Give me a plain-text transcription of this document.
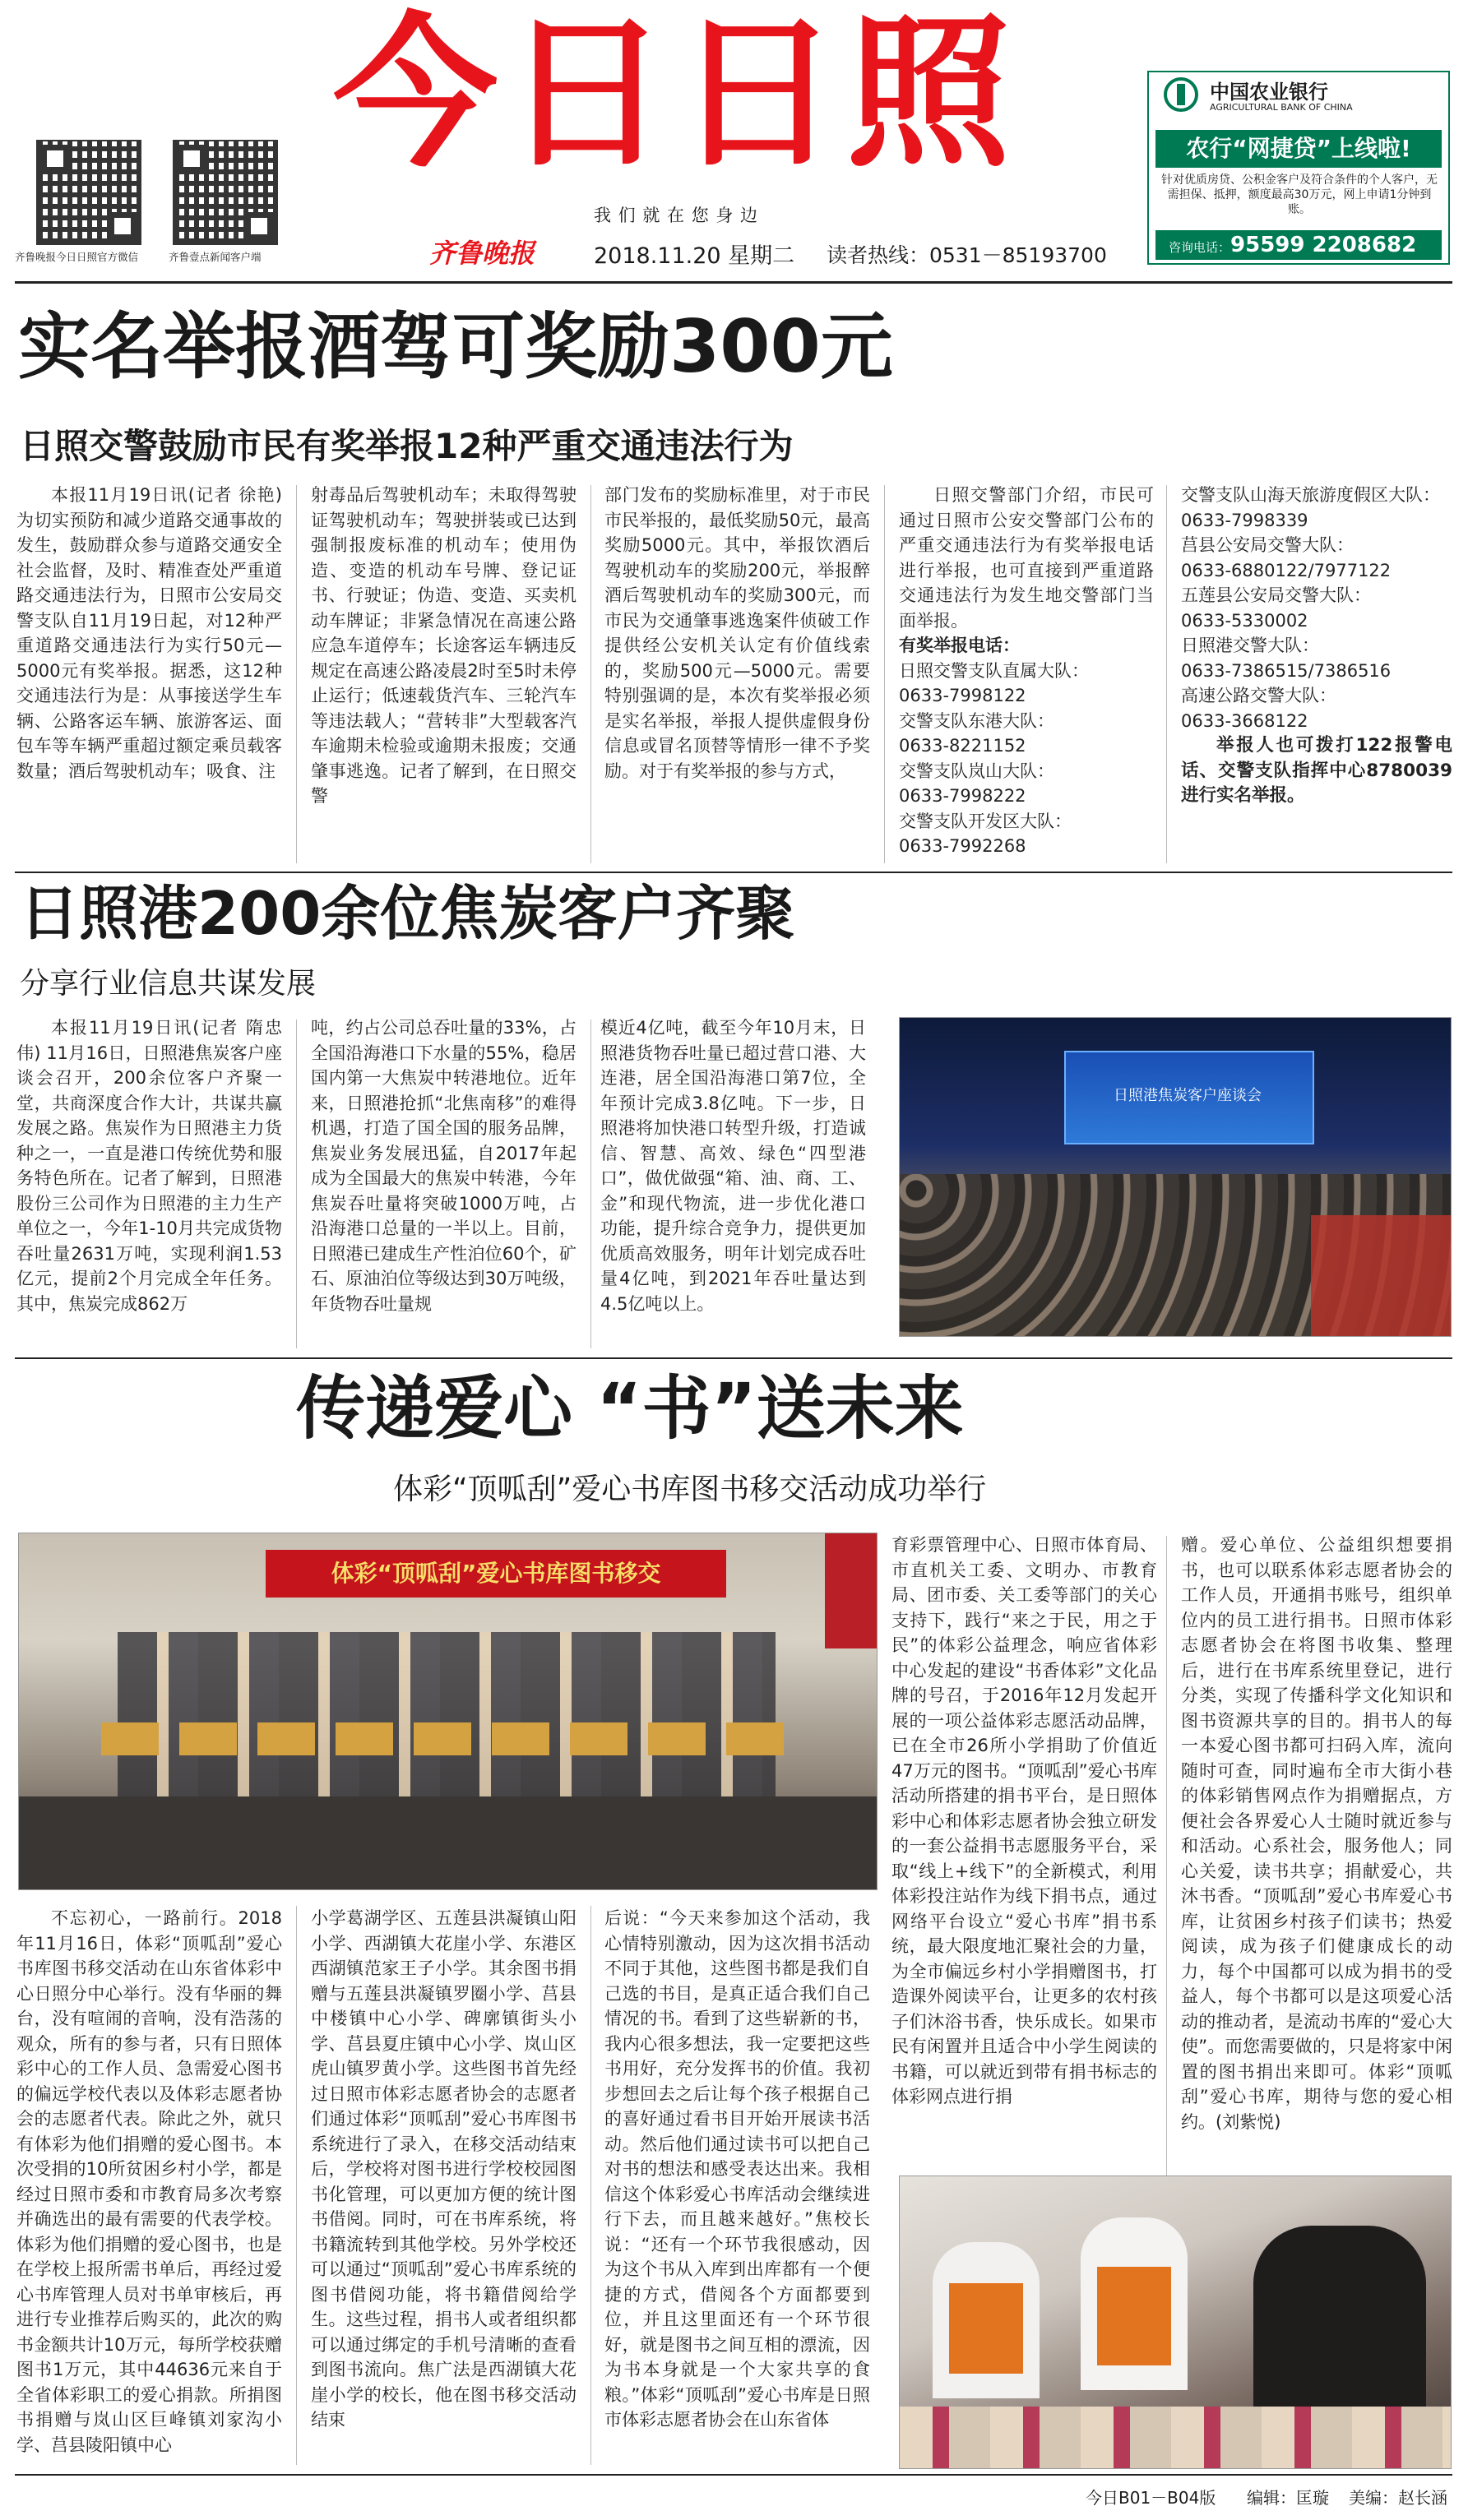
齐鲁晚报今日日照官方微信	齐鲁壹点新闻客户端
今日日照
我 们 就 在 您 身 边
齐鲁晚报	2018.11.20 星期二 读者热线：0531－85193700
中国农业银行
AGRICULTURAL BANK OF CHINA
农行“网捷贷”上线啦!
针对优质房贷、公积金客户及符合条件的个人客户，无需担保、抵押，额度最高30万元，网上申请1分钟到账。
咨询电话：95599 2208682
实名举报酒驾可奖励300元
日照交警鼓励市民有奖举报12种严重交通违法行为

本报11月19日讯(记者 徐艳) 为切实预防和减少道路交通事故的发生，鼓励群众参与道路交通安全社会监督，及时、精准查处严重道路交通违法行为，日照市公安局交警支队自11月19日起，对12种严重道路交通违法行为实行50元—5000元有奖举报。据悉，这12种交通违法行为是：从事接送学生车辆、公路客运车辆、旅游客运、面包车等车辆严重超过额定乘员载客数量；酒后驾驶机动车；吸食、注

射毒品后驾驶机动车；未取得驾驶证驾驶机动车；驾驶拼装或已达到强制报废标准的机动车；使用伪造、变造的机动车号牌、登记证书、行驶证；伪造、变造、买卖机动车牌证；非紧急情况在高速公路应急车道停车；长途客运车辆违反规定在高速公路凌晨2时至5时未停止运行；低速载货汽车、三轮汽车等违法载人；“营转非”大型载客汽车逾期未检验或逾期未报废；交通肇事逃逸。记者了解到，在日照交警

部门发布的奖励标准里，对于市民市民举报的，最低奖励50元，最高奖励5000元。其中，举报饮酒后驾驶机动车的奖励200元，举报醉酒后驾驶机动车的奖励300元，而市民为交通肇事逃逸案件侦破工作提供经公安机关认定有价值线索的，奖励500元—5000元。需要特别强调的是，本次有奖举报必须是实名举报，举报人提供虚假身份信息或冒名顶替等情形一律不予奖励。对于有奖举报的参与方式，

日照交警部门介绍，市民可通过日照市公安交警部门公布的严重交通违法行为有奖举报电话进行举报，也可直接到严重道路交通违法行为发生地交警部门当面举报。

有奖举报电话：

日照交警支队直属大队：
0633-7998122
交警支队东港大队：
0633-8221152
交警支队岚山大队：
0633-7998222
交警支队开发区大队：
0633-7992268
交警支队山海天旅游度假区大队：
0633-7998339
莒县公安局交警大队：
0633-6880122/7977122
五莲县公安局交警大队：
0633-5330002
日照港交警大队：
0633-7386515/7386516
高速公路交警大队：
0633-3668122

举报人也可拨打122报警电话、交警支队指挥中心8780039进行实名举报。

日照港200余位焦炭客户齐聚
分享行业信息共谋发展

本报11月19日讯(记者 隋忠伟) 11月16日，日照港焦炭客户座谈会召开，200余位客户齐聚一堂，共商深度合作大计，共谋共赢发展之路。焦炭作为日照港主力货种之一，一直是港口传统优势和服务特色所在。记者了解到，日照港股份三公司作为日照港的主力生产单位之一，今年1-10月共完成货物吞吐量2631万吨，实现利润1.53亿元，提前2个月完成全年任务。其中，焦炭完成862万

吨，约占公司总吞吐量的33%，占全国沿海港口下水量的55%，稳居国内第一大焦炭中转港地位。近年来，日照港抢抓“北焦南移”的难得机遇，打造了国全国的服务品牌，焦炭业务发展迅猛，自2017年起成为全国最大的焦炭中转港，今年焦炭吞吐量将突破1000万吨，占沿海港口总量的一半以上。目前，日照港已建成生产性泊位60个，矿石、原油泊位等级达到30万吨级，年货物吞吐量规

模近4亿吨，截至今年10月末，日照港货物吞吐量已超过营口港、大连港，居全国沿海港口第7位，全年预计完成3.8亿吨。下一步，日照港将加快港口转型升级，打造诚信、智慧、高效、绿色“四型港口”，做优做强“箱、油、商、工、金”和现代物流，进一步优化港口功能，提升综合竞争力，提供更加优质高效服务，明年计划完成吞吐量4亿吨，到2021年吞吐量达到4.5亿吨以上。

日照港焦炭客户座谈会
传递爱心 “书”送未来
体彩“顶呱刮”爱心书库图书移交活动成功举行
体彩“顶呱刮”爱心书库图书移交

育彩票管理中心、日照市体育局、市直机关工委、文明办、市教育局、团市委、关工委等部门的关心支持下，践行“来之于民，用之于民”的体彩公益理念，响应省体彩中心发起的建设“书香体彩”文化品牌的号召，于2016年12月发起开展的一项公益体彩志愿活动品牌，已在全市26所小学捐助了价值近47万元的图书。“顶呱刮”爱心书库活动所搭建的捐书平台，是日照体彩中心和体彩志愿者协会独立研发的一套公益捐书志愿服务平台，采取“线上+线下”的全新模式，利用体彩投注站作为线下捐书点，通过网络平台设立“爱心书库”捐书系统，最大限度地汇聚社会的力量，为全市偏远乡村小学捐赠图书，打造课外阅读平台，让更多的农村孩子们沐浴书香，快乐成长。如果市民有闲置并且适合中小学生阅读的书籍，可以就近到带有捐书标志的体彩网点进行捐

赠。爱心单位、公益组织想要捐书，也可以联系体彩志愿者协会的工作人员，开通捐书账号，组织单位内的员工进行捐书。日照市体彩志愿者协会在将图书收集、整理后，进行在书库系统里登记，进行分类，实现了传播科学文化知识和图书资源共享的目的。捐书人的每一本爱心图书都可扫码入库，流向随时可查，同时遍布全市大街小巷的体彩销售网点作为捐赠据点，方便社会各界爱心人士随时就近参与和活动。心系社会，服务他人；同心关爱，读书共享；捐献爱心，共沐书香。“顶呱刮”爱心书库爱心书库，让贫困乡村孩子们读书；热爱阅读，成为孩子们健康成长的动力，每个中国都可以成为捐书的受益人，每个书都可以是这项爱心活动的推动者，是流动书库的“爱心大使”。而您需要做的，只是将家中闲置的图书捐出来即可。体彩“顶呱刮”爱心书库，期待与您的爱心相约。(刘紫悦)

不忘初心，一路前行。2018年11月16日，体彩“顶呱刮”爱心书库图书移交活动在山东省体彩中心日照分中心举行。没有华丽的舞台，没有喧闹的音响，没有浩荡的观众，所有的参与者，只有日照体彩中心的工作人员、急需爱心图书的偏远学校代表以及体彩志愿者协会的志愿者代表。除此之外，就只有体彩为他们捐赠的爱心图书。本次受捐的10所贫困乡村小学，都是经过日照市委和市教育局多次考察并确选出的最有需要的代表学校。体彩为他们捐赠的爱心图书，也是在学校上报所需书单后，再经过爱心书库管理人员对书单审核后，再进行专业推荐后购买的，此次的购书金额共计10万元，每所学校获赠图书1万元，其中44636元来自于全省体彩职工的爱心捐款。所捐图书捐赠与岚山区巨峰镇刘家沟小学、莒县陵阳镇中心

小学葛湖学区、五莲县洪凝镇山阳小学、西湖镇大花崖小学、东港区西湖镇范家王子小学。其余图书捐赠与五莲县洪凝镇罗圈小学、莒县中楼镇中心小学、碑廓镇街头小学、莒县夏庄镇中心小学、岚山区虎山镇罗黄小学。这些图书首先经过日照市体彩志愿者协会的志愿者们通过体彩“顶呱刮”爱心书库图书系统进行了录入，在移交活动结束后，学校将对图书进行学校校园图书化管理，可以更加方便的统计图书借阅。同时，可在书库系统，将书籍流转到其他学校。另外学校还可以通过“顶呱刮”爱心书库系统的图书借阅功能，将书籍借阅给学生。这些过程，捐书人或者组织都可以通过绑定的手机号清晰的查看到图书流向。焦广法是西湖镇大花崖小学的校长，他在图书移交活动结束

后说：“今天来参加这个活动，我心情特别激动，因为这次捐书活动不同于其他，这些图书都是我们自己选的书目，是真正适合我们自己情况的书。看到了这些崭新的书，我内心很多想法，我一定要把这些书用好，充分发挥书的价值。我初步想回去之后让每个孩子根据自己的喜好通过看书目开始开展读书活动。然后他们通过读书可以把自己对书的想法和感受表达出来。我相信这个体彩爱心书库活动会继续进行下去，而且越来越好。”焦校长说：“还有一个环节我很感动，因为这个书从入库到出库都有一个便捷的方式，借阅各个方面都要到位，并且这里面还有一个环节很好，就是图书之间互相的漂流，因为书本身就是一个大家共享的食粮。”体彩“顶呱刮”爱心书库是日照市体彩志愿者协会在山东省体

今日B01－B04版 编辑：匡璇 美编：赵长涵
